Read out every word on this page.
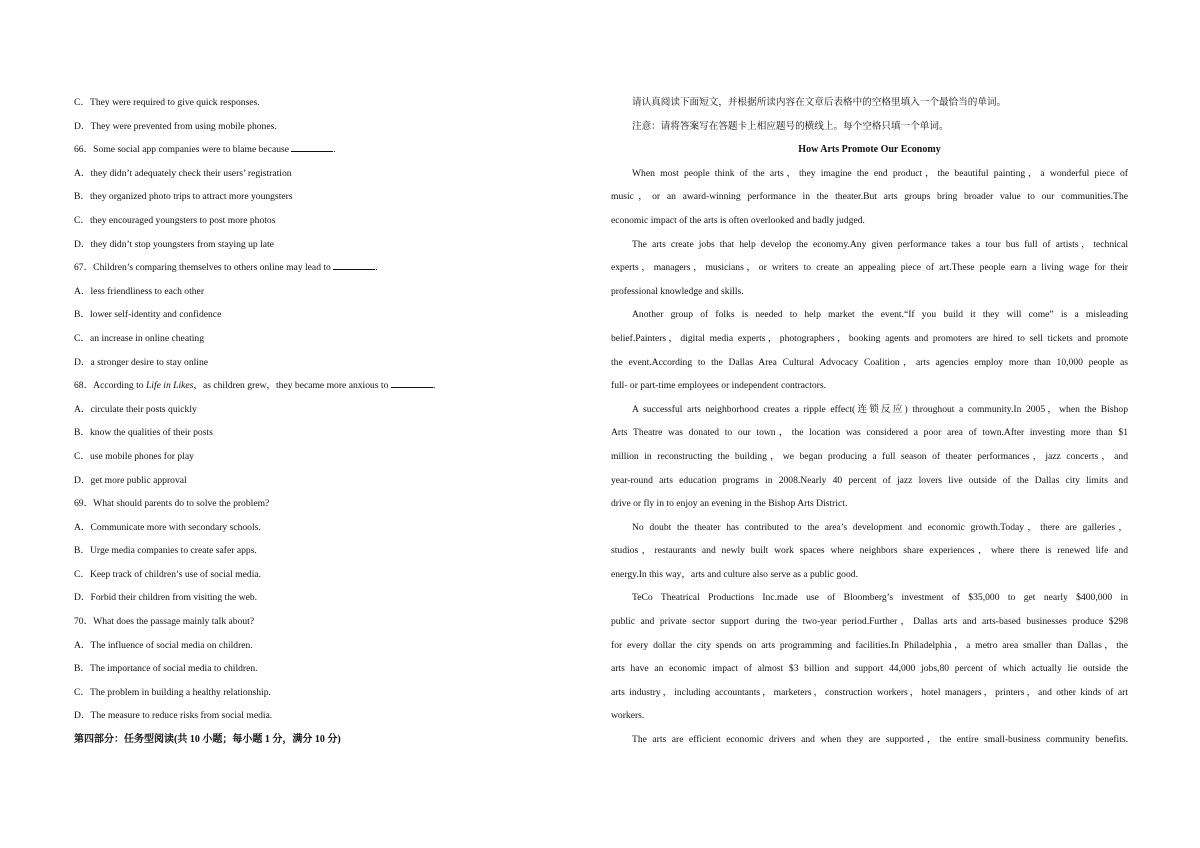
C．They were required to give quick responses.
D．They were prevented from using mobile phones.
66．Some social app companies were to blame because	.
A．they didn’t adequately check their users’ registration
B．they organized photo trips to attract more youngsters
C．they encouraged youngsters to post more photos
D．they didn’t stop youngsters from staying up late
67．Children’s comparing themselves to others online may lead to	.
A．less friendliness to each other
B．lower self-identity and confidence
C．an increase in online cheating
D．a stronger desire to stay online
68．According to Life in Likes，as children grew，they became more anxious to	.
A．circulate their posts quickly
B．know the qualities of their posts
C．use mobile phones for play
D．get more public approval
69．What should parents do to solve the problem?
A．Communicate more with secondary schools.
B．Urge media companies to create safer apps.
C．Keep track of children’s use of social media.
D．Forbid their children from visiting the web.
70．What does the passage mainly talk about?
A．The influence of social media on children.
B．The importance of social media to children.
C．The problem in building a healthy relationship.
D．The measure to reduce risks from social media.
第四部分：任务型阅读(共 10 小题；每小题 1 分，满分 10 分)
请认真阅读下面短文，并根据所读内容在文章后表格中的空格里填入一个最恰当的单词。
注意：请将答案写在答题卡上相应题号的横线上。每个空格只填一个单词。
How Arts Promote Our Economy
When most people think of the arts，they imagine the end product，the beautiful painting，a wonderful piece of
music，or an award-winning performance in the theater.But arts groups bring broader value to our communities.The
economic impact of the arts is often overlooked and badly judged.
The arts create jobs that help develop the economy.Any given performance takes a tour bus full of artists，technical
experts，managers，musicians，or writers to create an appealing piece of art.These people earn a living wage for their
professional knowledge and skills.
Another group of folks is needed to help market the event.“If you build it they will come” is a misleading
belief.Painters，digital media experts，photographers，booking agents and promoters are hired to sell tickets and promote
the event.According to the Dallas Area Cultural Advocacy Coalition，arts agencies employ more than 10,000 people as
full- or part-time employees or independent contractors.
A successful arts neighborhood creates a ripple effect(连锁反应) throughout a community.In 2005，when the Bishop
Arts Theatre was donated to our town，the location was considered a poor area of town.After investing more than $1
million in reconstructing the building，we began producing a full season of theater performances，jazz concerts，and
year-round arts education programs in 2008.Nearly 40 percent of jazz lovers live outside of the Dallas city limits and
drive or fly in to enjoy an evening in the Bishop Arts District.
No doubt the theater has contributed to the area’s development and economic growth.Today，there are galleries，
studios，restaurants and newly built work spaces where neighbors share experiences，where there is renewed life and
energy.In this way，arts and culture also serve as a public good.
TeCo Theatrical Productions Inc.made use of Bloomberg’s investment of $35,000 to get nearly $400,000 in
public and private sector support during the two-year period.Further，Dallas arts and arts-based businesses produce $298
for every dollar the city spends on arts programming and facilities.In Philadelphia，a metro area smaller than Dallas，the
arts have an economic impact of almost $3 billion and support 44,000 jobs,80 percent of which actually lie outside the
arts industry，including accountants，marketers，construction workers，hotel managers，printers，and other kinds of art
workers.
The arts are efficient economic drivers and when they are supported，the entire small-business community benefits.
